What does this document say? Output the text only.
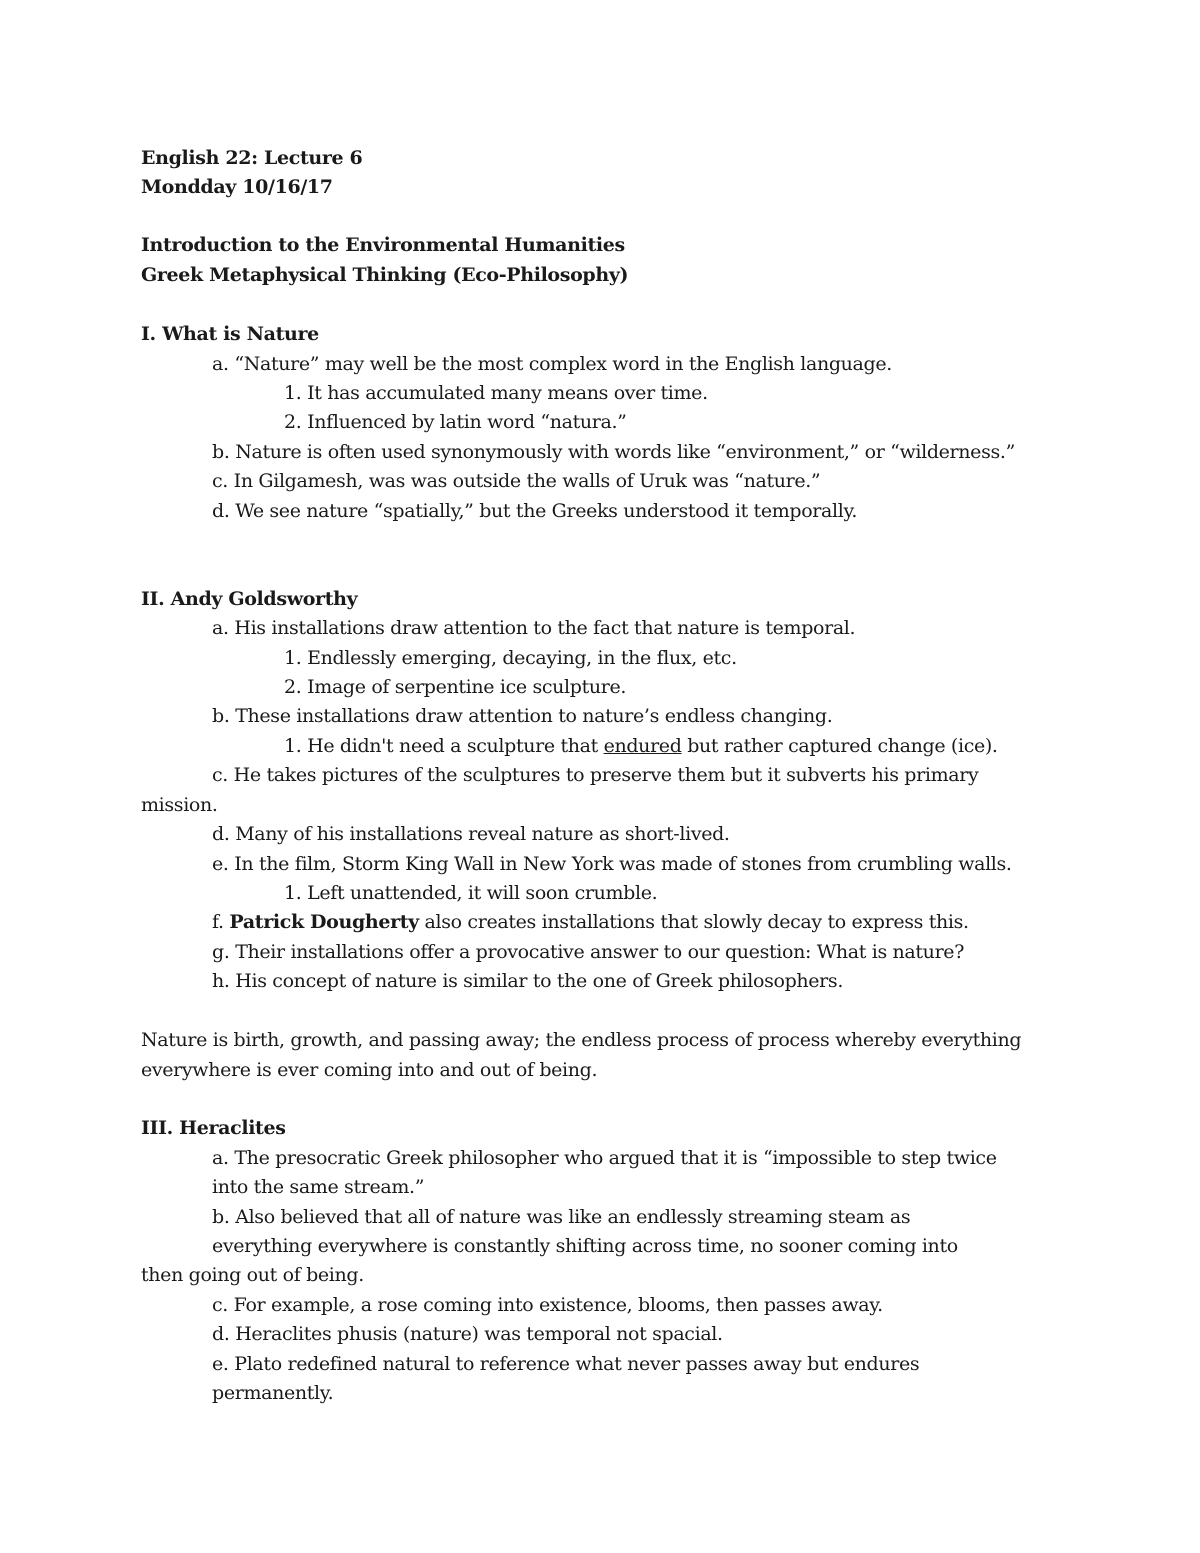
English 22: Lecture 6
Mondday 10/16/17
Introduction to the Environmental Humanities
Greek Metaphysical Thinking (Eco-Philosophy)
I. What is Nature
a. “Nature” may well be the most complex word in the English language.
1. It has accumulated many means over time.
2. Influenced by latin word “natura.”
b. Nature is often used synonymously with words like “environment,” or “wilderness.”
c. In Gilgamesh, was was outside the walls of Uruk was “nature.”
d. We see nature “spatially,” but the Greeks understood it temporally.
II. Andy Goldsworthy
a. His installations draw attention to the fact that nature is temporal.
1. Endlessly emerging, decaying, in the flux, etc.
2. Image of serpentine ice sculpture.
b. These installations draw attention to nature’s endless changing.
1. He didn't need a sculpture that endured but rather captured change (ice).
c. He takes pictures of the sculptures to preserve them but it subverts his primary
mission.
d. Many of his installations reveal nature as short-lived.
e. In the film, Storm King Wall in New York was made of stones from crumbling walls.
1. Left unattended, it will soon crumble.
f. Patrick Dougherty also creates installations that slowly decay to express this.
g. Their installations offer a provocative answer to our question: What is nature?
h. His concept of nature is similar to the one of Greek philosophers.
Nature is birth, growth, and passing away; the endless process of process whereby everything
everywhere is ever coming into and out of being.
III. Heraclites
a. The presocratic Greek philosopher who argued that it is “impossible to step twice
into the same stream.”
b. Also believed that all of nature was like an endlessly streaming steam as
everything everywhere is constantly shifting across time, no sooner coming into
then going out of being.
c. For example, a rose coming into existence, blooms, then passes away.
d. Heraclites phusis (nature) was temporal not spacial.
e. Plato redefined natural to reference what never passes away but endures
permanently.
